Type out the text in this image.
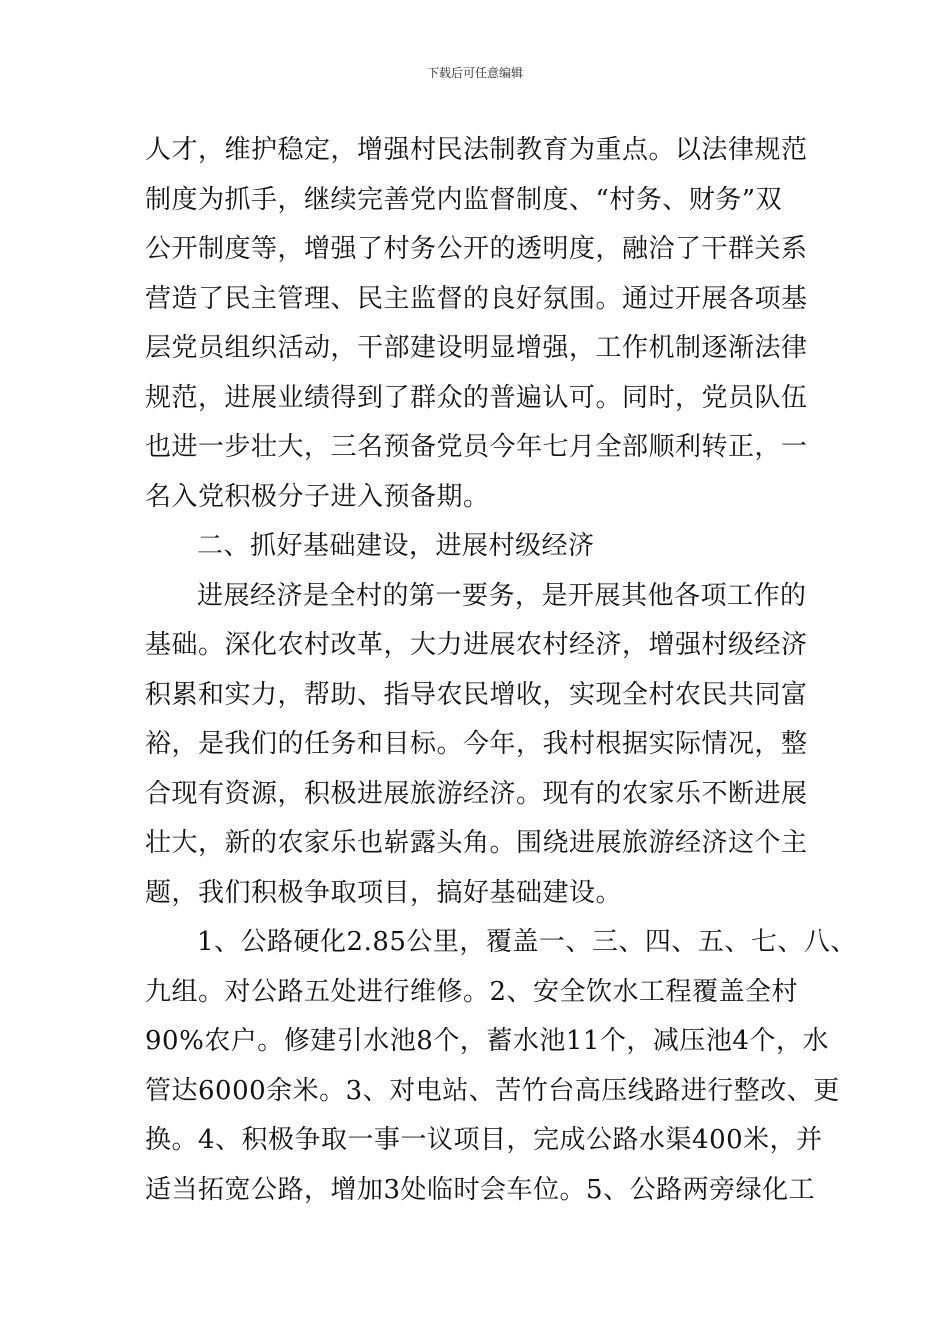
下载后可任意编辑
人才，维护稳定，增强村民法制教育为重点。以法律规范
制度为抓手，继续完善党内监督制度、“村务、财务”双
公开制度等，增强了村务公开的透明度，融洽了干群关系
营造了民主管理、民主监督的良好氛围。通过开展各项基
层党员组织活动，干部建设明显增强，工作机制逐渐法律
规范，进展业绩得到了群众的普遍认可。同时，党员队伍
也进一步壮大，三名预备党员今年七月全部顺利转正，一
名入党积极分子进入预备期。
二、抓好基础建设，进展村级经济
进展经济是全村的第一要务，是开展其他各项工作的
基础。深化农村改革，大力进展农村经济，增强村级经济
积累和实力，帮助、指导农民增收，实现全村农民共同富
裕，是我们的任务和目标。今年，我村根据实际情况，整
合现有资源，积极进展旅游经济。现有的农家乐不断进展
壮大，新的农家乐也崭露头角。围绕进展旅游经济这个主
题，我们积极争取项目，搞好基础建设。
1、公路硬化2.85公里，覆盖一、三、四、五、七、八、
九组。对公路五处进行维修。2、安全饮水工程覆盖全村
90%农户。修建引水池8个，蓄水池11个，减压池4个，水
管达6000余米。3、对电站、苦竹台高压线路进行整改、更
换。4、积极争取一事一议项目，完成公路水渠400米，并
适当拓宽公路，增加3处临时会车位。5、公路两旁绿化工
